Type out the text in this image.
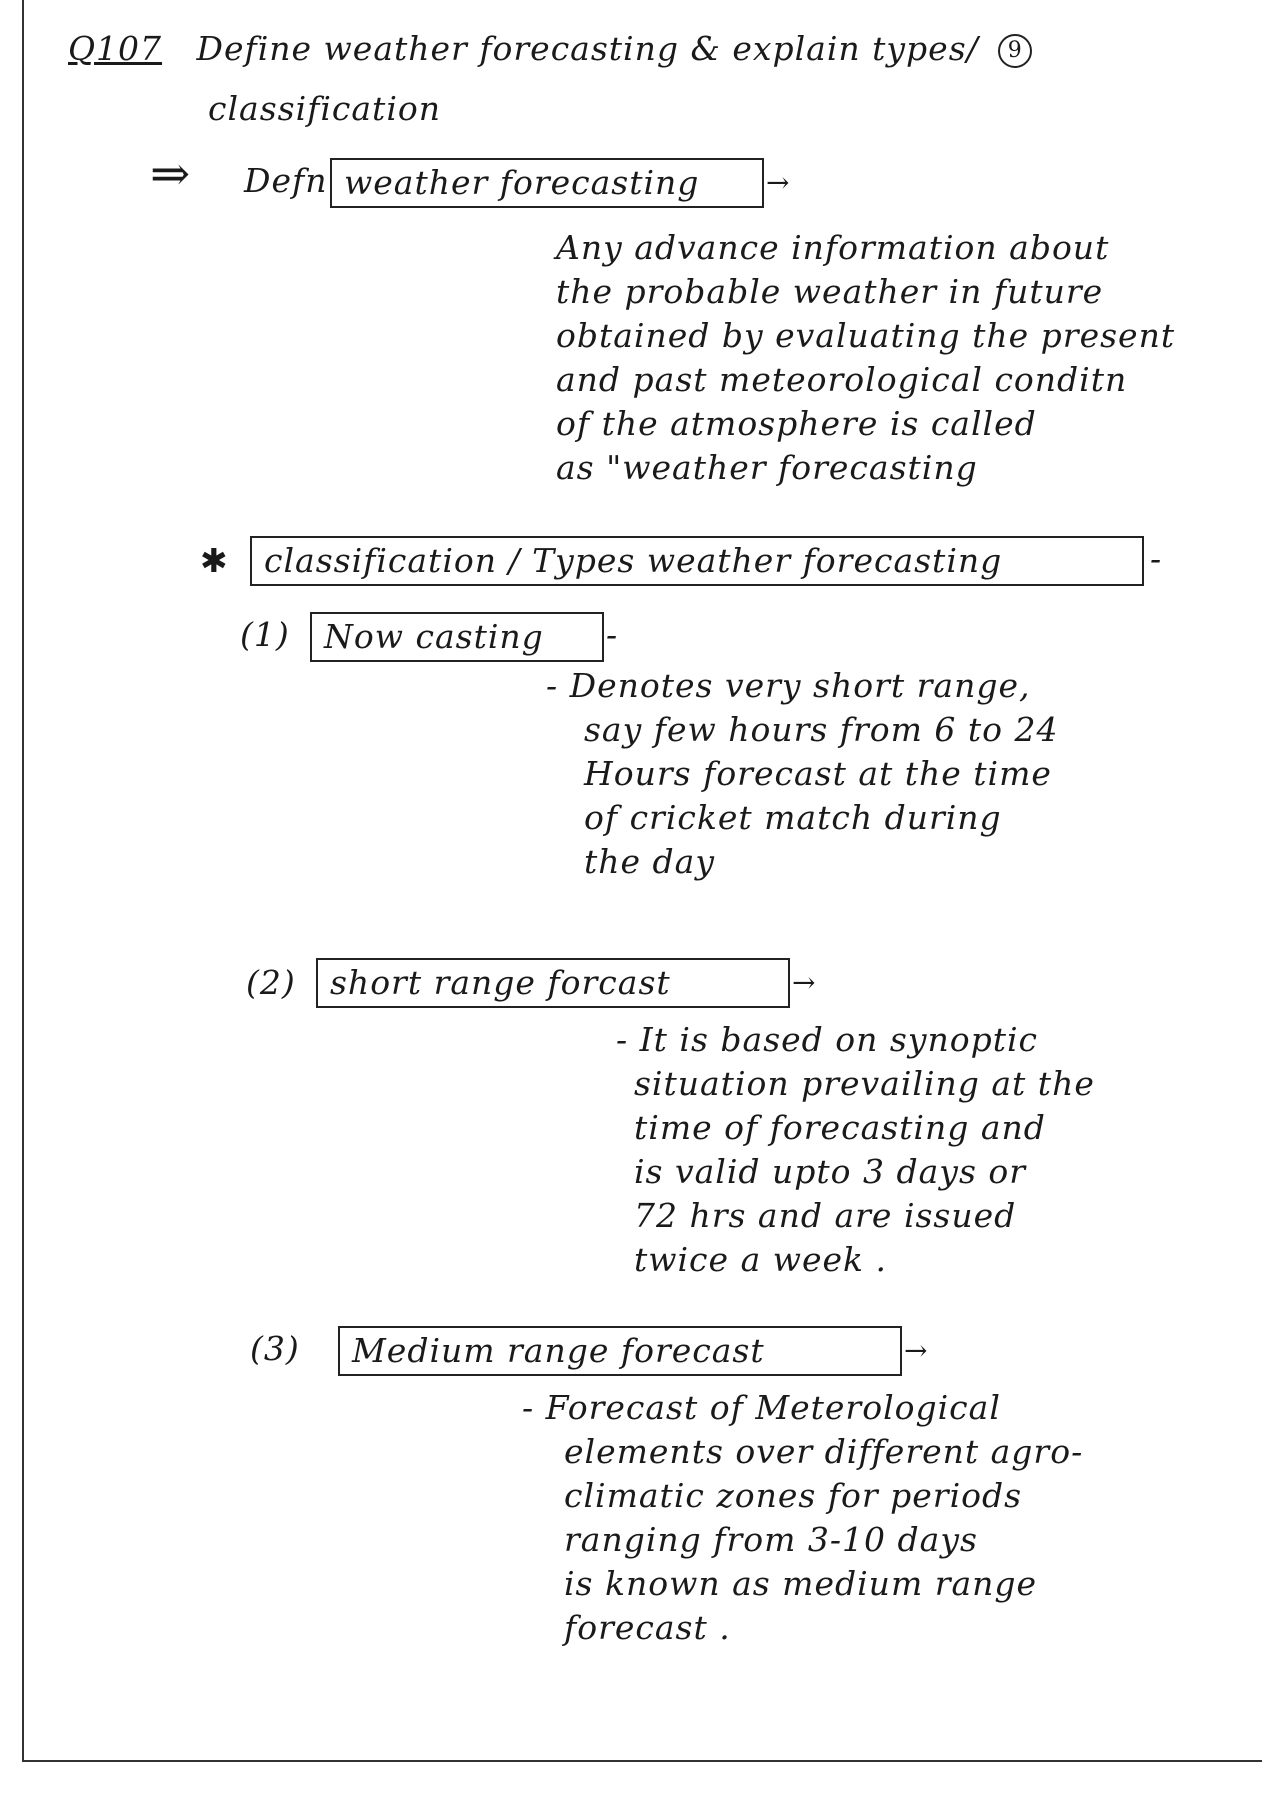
Q107 Define weather forecasting & explain types/ 9
classification
⇒ Defn weather forecasting →
Any advance information about
the probable weather in future
obtained by evaluating the present
and past meteorological conditn
of the atmosphere is called
as "weather forecasting
✱ classification / Types weather forecasting	-
(1) Now casting -
- Denotes very short range,
say few hours from 6 to 24
Hours forecast at the time
of cricket match during
the day
(2) short range forcast	→
- It is based on synoptic
situation prevailing at the
time of forecasting and
is valid upto 3 days or
72 hrs and are issued
twice a week .
(3) Medium range forecast	→
- Forecast of Meterological
elements over different agro-
climatic zones for periods
ranging from 3-10 days
is known as medium range
forecast .
